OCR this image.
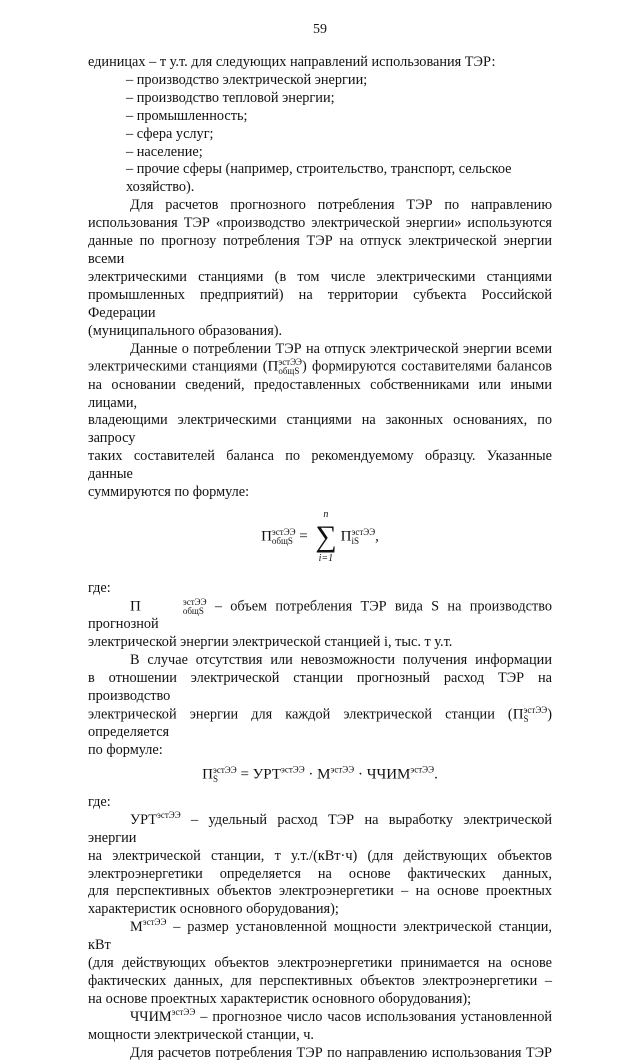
59

единицах – т у.т. для следующих направлений использования ТЭР:

– производство электрической энергии;

– производство тепловой энергии;

– промышленность;

– сфера услуг;

– население;

– прочие сферы (например, строительство, транспорт, сельское хозяйство).

Для расчетов прогнозного потребления ТЭР по направлению

использования ТЭР «производство электрической энергии» используются

данные по прогнозу потребления ТЭР на отпуск электрической энергии всеми

электрическими станциями (в том числе электрическими станциями

промышленных предприятий) на территории субъекта Российской Федерации

(муниципального образования).

Данные о потреблении ТЭР на отпуск электрической энергии всеми

электрическими станциями (П эстЭЭ
общS ) формируются составителями балансов

на основании сведений, предоставленных собственниками или иными лицами,

владеющими электрическими станциями на законных основаниях, по запросу

таких составителей баланса по рекомендуемому образцу. Указанные данные

суммируются по формуле:

П эстЭЭ
общS =
n
∑
i=1
П эстЭЭ
iS	,

где:

П	эстЭЭ
общS – объем потребления ТЭР вида S на производство прогнозной

электрической энергии электрической станцией i, тыс. т у.т.

В случае отсутствия или невозможности получения информации

в отношении электрической станции прогнозный расход ТЭР на производство

электрической энергии для каждой электрической станции (П эстЭЭ
S	) определяется

по формуле:

П эстЭЭ
S	= $УРТ^{эстЭЭ} \cdot М^{эстЭЭ}$ · $ЧЧИМ^{эстЭЭ}$.

где:

$УРТ^{эстЭЭ}$ – удельный расход ТЭР на выработку электрической энергии

на электрической станции, т у.т./(кВт·ч) (для действующих объектов

электроэнергетики определяется на основе фактических данных,

для перспективных объектов электроэнергетики – на основе проектных

характеристик основного оборудования);

$М^{эстЭЭ}$ – размер установленной мощности электрической станции, кВт

(для действующих объектов электроэнергетики принимается на основе

фактических данных, для перспективных объектов электроэнергетики –

на основе проектных характеристик основного оборудования);

$ЧЧИМ^{эстЭЭ}$ – прогнозное число часов использования установленной

мощности электрической станции, ч.

Для расчетов потребления ТЭР по направлению использования ТЭР
